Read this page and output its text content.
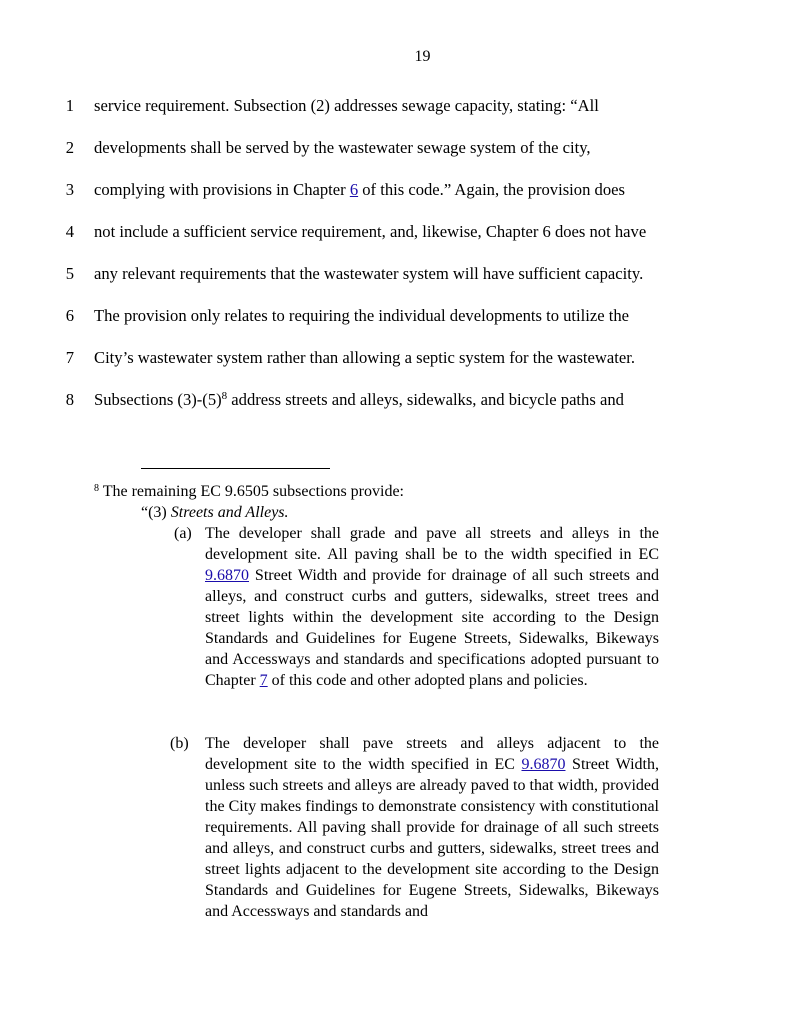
19
1 service requirement. Subsection (2) addresses sewage capacity, stating: “All
2 developments shall be served by the wastewater sewage system of the city,
3 complying with provisions in Chapter 6 of this code.” Again, the provision does
4 not include a sufficient service requirement, and, likewise, Chapter 6 does not have
5 any relevant requirements that the wastewater system will have sufficient capacity.
6 The provision only relates to requiring the individual developments to utilize the
7 City’s wastewater system rather than allowing a septic system for the wastewater.
8 Subsections $(3)-(5)^8$ address streets and alleys, sidewalks, and bicycle paths and
$^8$ The remaining EC 9.6505 subsections provide:
“(3) Streets and Alleys.
(a) The developer shall grade and pave all streets and alleys in the development site. All paving shall be to the width specified in EC 9.6870 Street Width and provide for drainage of all such streets and alleys, and construct curbs and gutters, sidewalks, street trees and street lights within the development site according to the Design Standards and Guidelines for Eugene Streets, Sidewalks, Bikeways and Accessways and standards and specifications adopted pursuant to Chapter 7 of this code and other adopted plans and policies.
(b) The developer shall pave streets and alleys adjacent to the development site to the width specified in EC 9.6870 Street Width, unless such streets and alleys are already paved to that width, provided the City makes findings to demonstrate consistency with constitutional requirements. All paving shall provide for drainage of all such streets and alleys, and construct curbs and gutters, sidewalks, street trees and street lights adjacent to the development site according to the Design Standards and Guidelines for Eugene Streets, Sidewalks, Bikeways and Accessways and standards and
